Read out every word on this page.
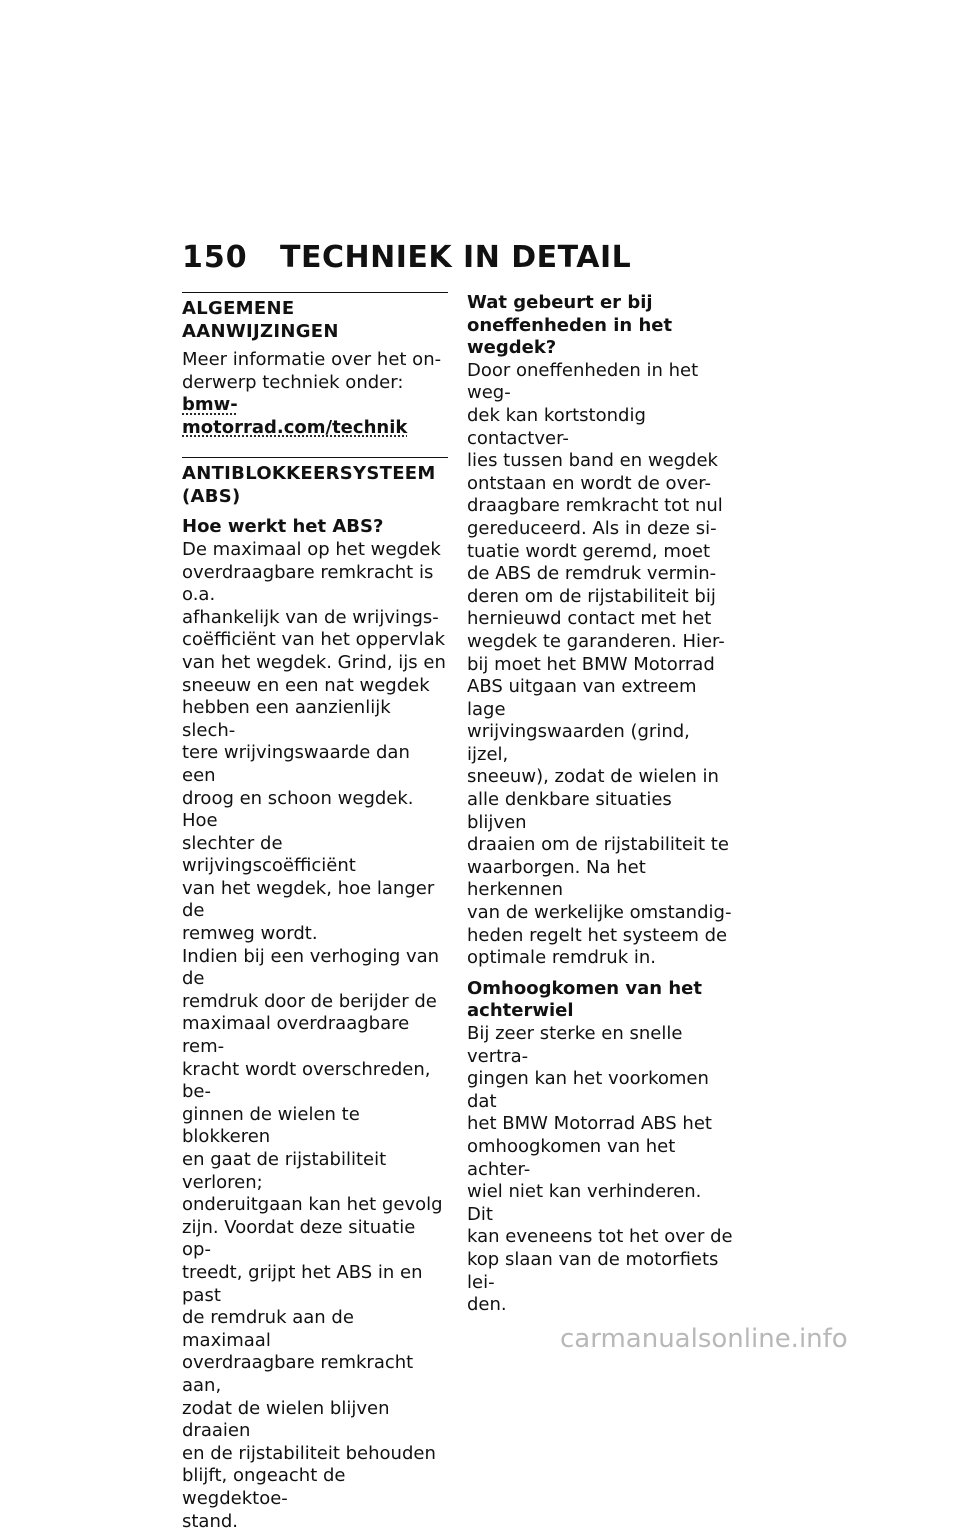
150	TECHNIEK IN DETAIL
ALGEMENE AANWIJZINGEN

Meer informatie over het on-
derwerp techniek onder:
bmw-motorrad.com/technik

ANTIBLOKKEERSYSTEEM
(ABS)

Hoe werkt het ABS?

De maximaal op het wegdek
overdraagbare remkracht is o.a.
afhankelijk van de wrijvings-
coëfficiënt van het oppervlak
van het wegdek. Grind, ijs en
sneeuw en een nat wegdek
hebben een aanzienlijk slech-
tere wrijvingswaarde dan een
droog en schoon wegdek. Hoe
slechter de wrijvingscoëfficiënt
van het wegdek, hoe langer de
remweg wordt.

Indien bij een verhoging van de
remdruk door de berijder de
maximaal overdraagbare rem-
kracht wordt overschreden, be-
ginnen de wielen te blokkeren
en gaat de rijstabiliteit verloren;
onderuitgaan kan het gevolg
zijn. Voordat deze situatie op-
treedt, grijpt het ABS in en past
de remdruk aan de maximaal
overdraagbare remkracht aan,
zodat de wielen blijven draaien
en de rijstabiliteit behouden
blijft, ongeacht de wegdektoe-
stand.

Wat gebeurt er bij
oneffenheden in het wegdek?

Door oneffenheden in het weg-
dek kan kortstondig contactver-
lies tussen band en wegdek
ontstaan en wordt de over-
draagbare remkracht tot nul
gereduceerd. Als in deze si-
tuatie wordt geremd, moet
de ABS de remdruk vermin-
deren om de rijstabiliteit bij
hernieuwd contact met het
wegdek te garanderen. Hier-
bij moet het BMW Motorrad
ABS uitgaan van extreem lage
wrijvingswaarden (grind, ijzel,
sneeuw), zodat de wielen in
alle denkbare situaties blijven
draaien om de rijstabiliteit te
waarborgen. Na het herkennen
van de werkelijke omstandig-
heden regelt het systeem de
optimale remdruk in.

Omhoogkomen van het
achterwiel

Bij zeer sterke en snelle vertra-
gingen kan het voorkomen dat
het BMW Motorrad ABS het
omhoogkomen van het achter-
wiel niet kan verhinderen. Dit
kan eveneens tot het over de
kop slaan van de motorfiets lei-
den.

carmanualsonline.info
